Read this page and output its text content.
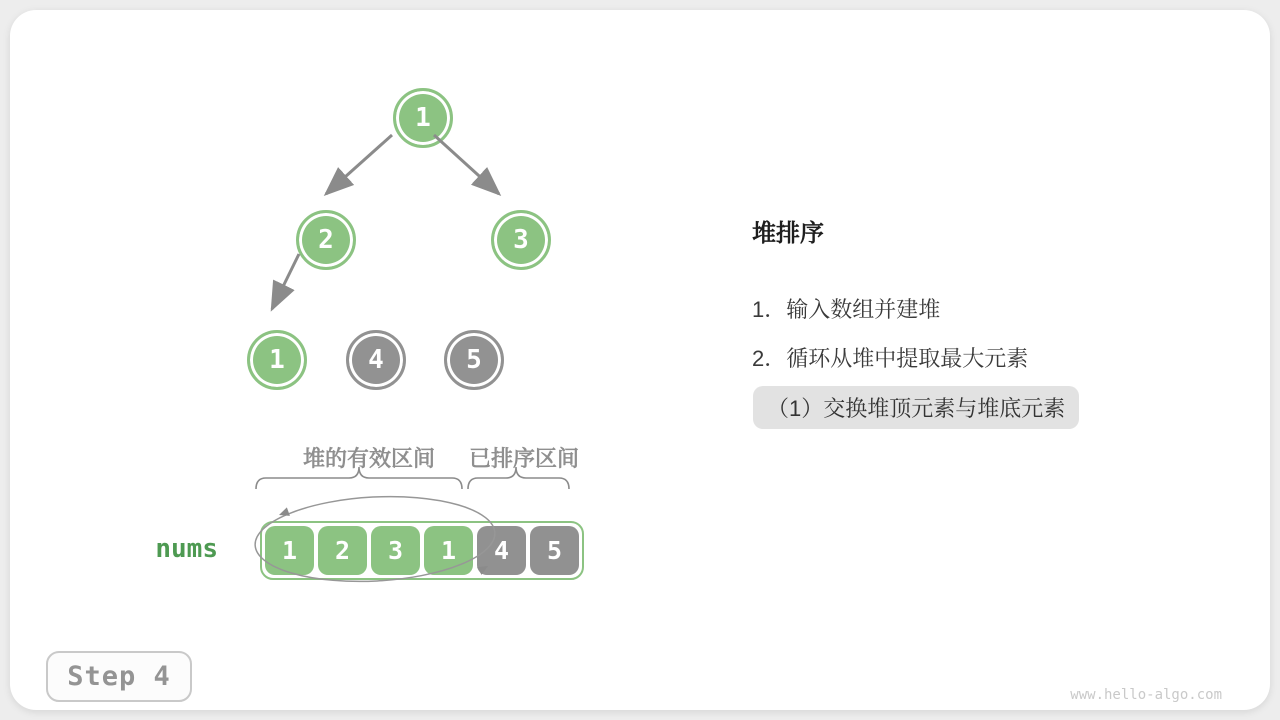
1
2	3
1	4	5
堆的有效区间 已排序区间
nums	1	2	3	1	4	5
堆排序
1．输入数组并建堆
2．循环从堆中提取最大元素
（1）交换堆顶元素与堆底元素
Step 4
www.hello-algo.com
